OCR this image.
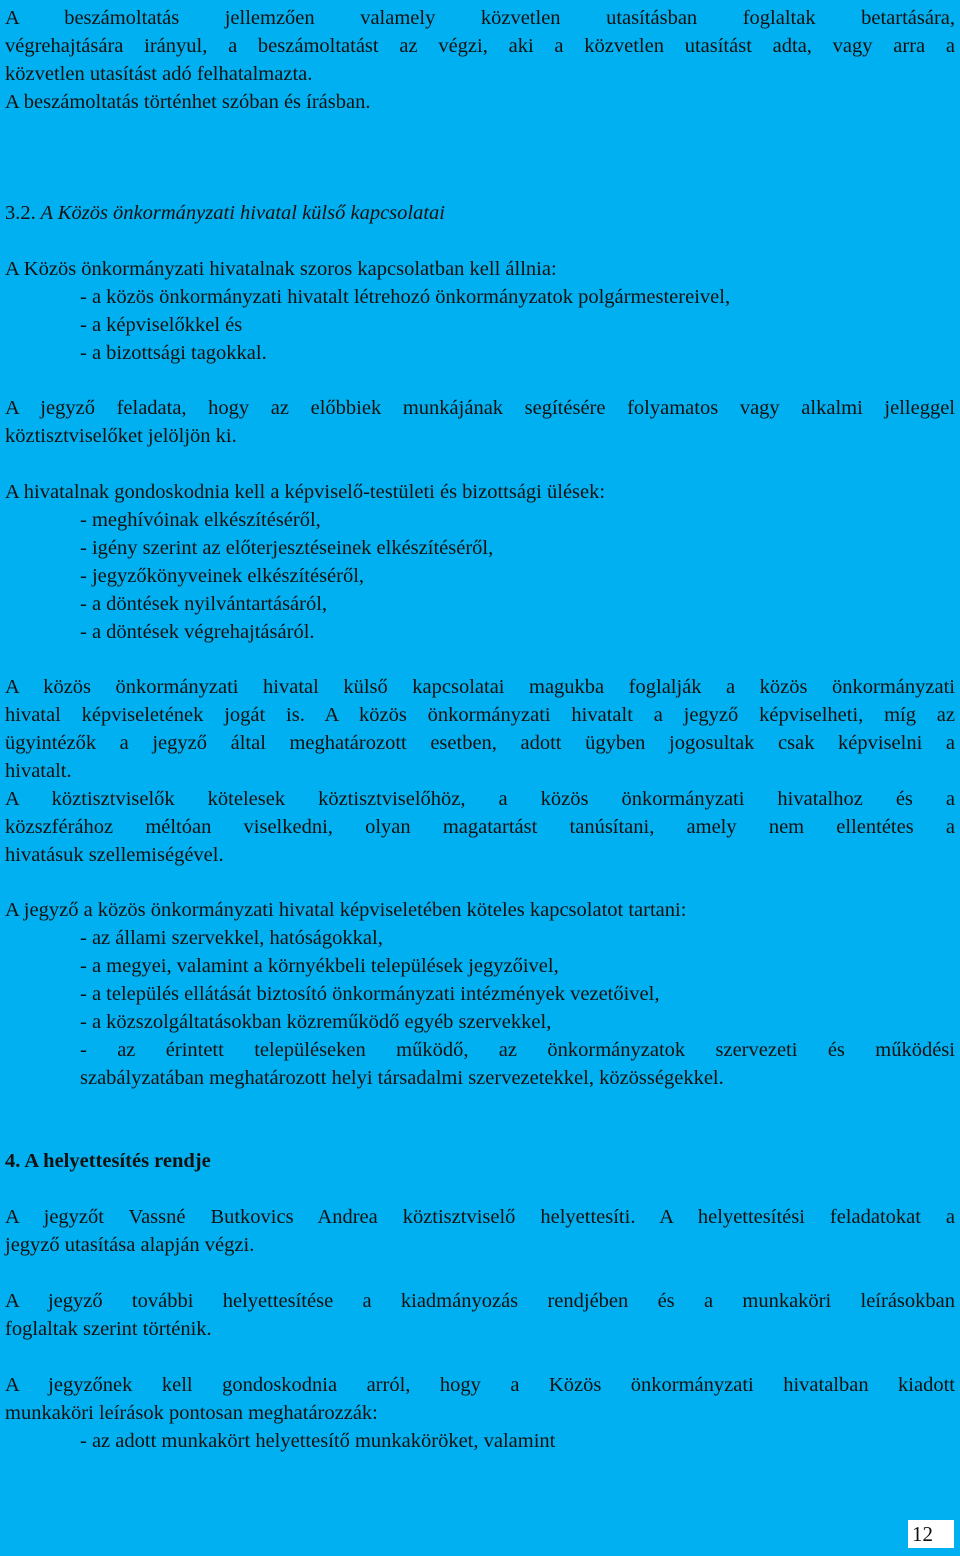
A beszámoltatás jellemzően valamely közvetlen utasításban foglaltak betartására,

végrehajtására irányul, a beszámoltatást az végzi, aki a közvetlen utasítást adta, vagy arra a

közvetlen utasítást adó felhatalmazta.

A beszámoltatás történhet szóban és írásban.

3.2. A Közös önkormányzati hivatal külső kapcsolatai

A Közös önkormányzati hivatalnak szoros kapcsolatban kell állnia:

- a közös önkormányzati hivatalt létrehozó önkormányzatok polgármestereivel,

- a képviselőkkel és

- a bizottsági tagokkal.

A jegyző feladata, hogy az előbbiek munkájának segítésére folyamatos vagy alkalmi jelleggel

köztisztviselőket jelöljön ki.

A hivatalnak gondoskodnia kell a képviselő-testületi és bizottsági ülések:

- meghívóinak elkészítéséről,

- igény szerint az előterjesztéseinek elkészítéséről,

- jegyzőkönyveinek elkészítéséről,

- a döntések nyilvántartásáról,

- a döntések végrehajtásáról.

A közös önkormányzati hivatal külső kapcsolatai magukba foglalják a közös önkormányzati

hivatal képviseletének jogát is. A közös önkormányzati hivatalt a jegyző képviselheti, míg az

ügyintézők a jegyző által meghatározott esetben, adott ügyben jogosultak csak képviselni a

hivatalt.

A köztisztviselők kötelesek köztisztviselőhöz, a közös önkormányzati hivatalhoz és a

közszférához méltóan viselkedni, olyan magatartást tanúsítani, amely nem ellentétes a

hivatásuk szellemiségével.

A jegyző a közös önkormányzati hivatal képviseletében köteles kapcsolatot tartani:

- az állami szervekkel, hatóságokkal,

- a megyei, valamint a környékbeli települések jegyzőivel,

- a település ellátását biztosító önkormányzati intézmények vezetőivel,

- a közszolgáltatásokban közreműködő egyéb szervekkel,

- az érintett településeken működő, az önkormányzatok szervezeti és működési

szabályzatában meghatározott helyi társadalmi szervezetekkel, közösségekkel.

4. A helyettesítés rendje

A jegyzőt Vassné Butkovics Andrea köztisztviselő helyettesíti. A helyettesítési feladatokat a

jegyző utasítása alapján végzi.

A jegyző további helyettesítése a kiadmányozás rendjében és a munkaköri leírásokban

foglaltak szerint történik.

A jegyzőnek kell gondoskodnia arról, hogy a Közös önkormányzati hivatalban kiadott

munkaköri leírások pontosan meghatározzák:

- az adott munkakört helyettesítő munkaköröket, valamint

12
